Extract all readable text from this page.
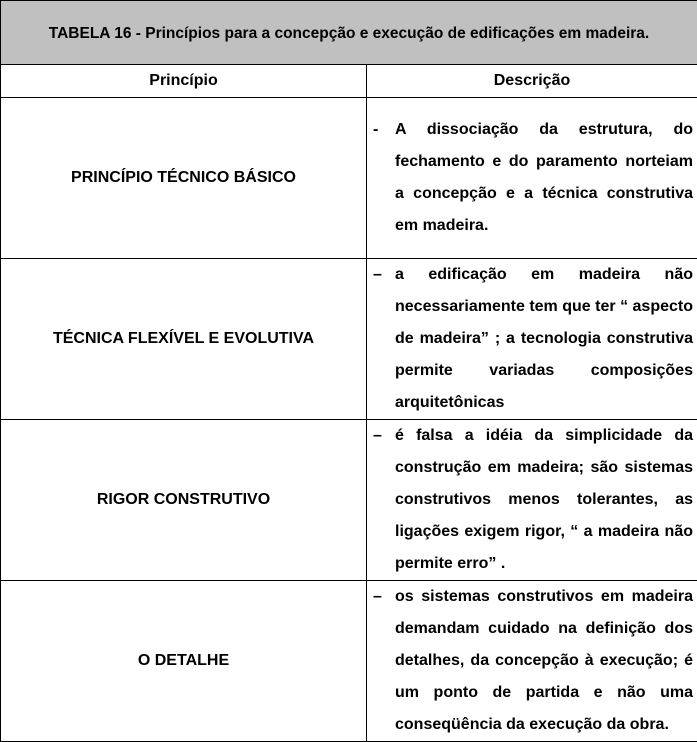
TABELA 16 - Princípios para a concepção e execução de edificações em madeira.	
Princípio	Descrição
PRINCÍPIO TÉCNICO BÁSICO	- A dissociação da estrutura, do fechamento e do paramento norteiam a concepção e a técnica construtiva em madeira.

TÉCNICA FLEXÍVEL E EVOLUTIVA	– a edificação em madeira não necessariamente tem que ter “ aspecto de madeira” ; a tecnologia construtiva permite variadas composições arquitetônicas

RIGOR CONSTRUTIVO	– é falsa a idéia da simplicidade da construção em madeira; são sistemas construtivos menos tolerantes, as ligações exigem rigor, “ a madeira não permite erro” .

O DETALHE	– os sistemas construtivos em madeira demandam cuidado na definição dos detalhes, da concepção à execução; é um ponto de partida e não uma conseqüência da execução da obra.
